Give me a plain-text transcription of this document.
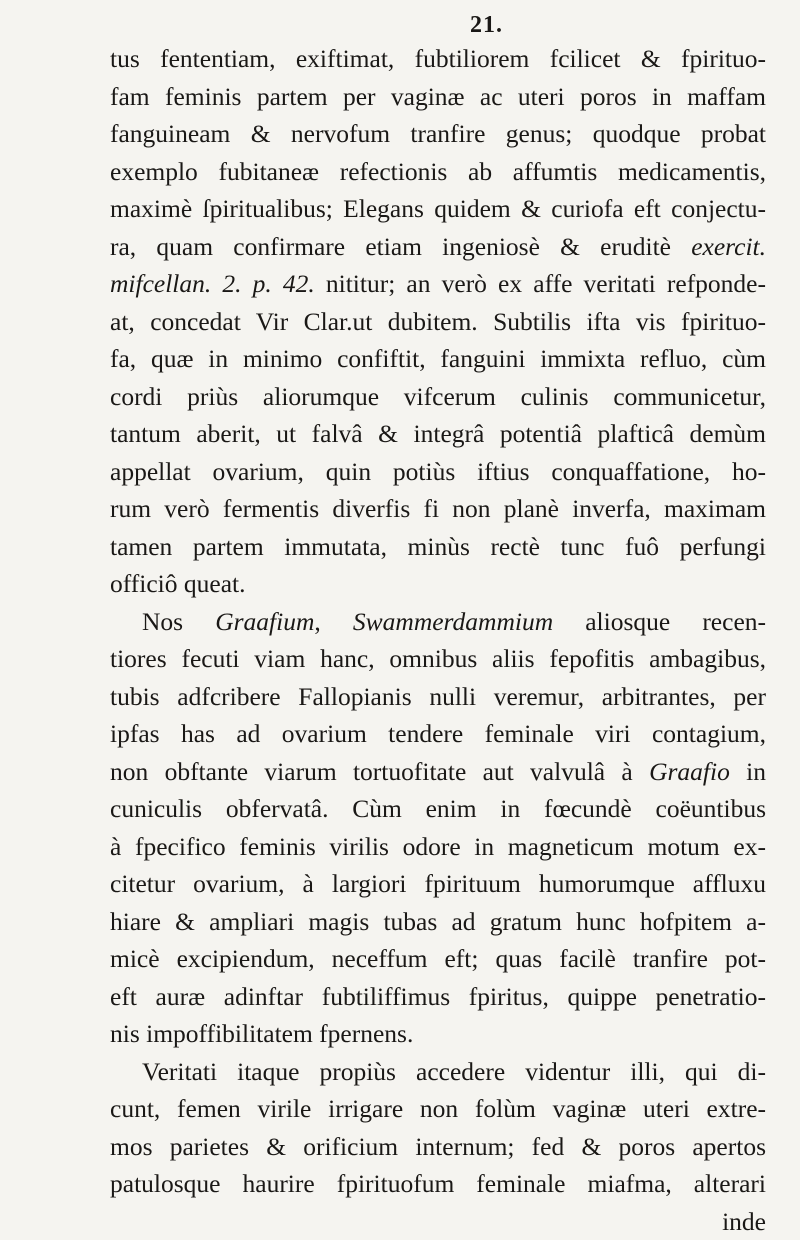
21.
tus fententiam, exiftimat, fubtiliorem fcilicet & fpirituo-
fam feminis partem per vaginæ ac uteri poros in maffam
fanguineam & nervofum tranfire genus; quodque probat
exemplo fubitaneæ refectionis ab affumtis medicamentis,
maximè ſpiritualibus; Elegans quidem & curiofa eft conjectu-
ra, quam confirmare etiam ingeniosè & eruditè exercit.
mifcellan. 2. p. 42. nititur; an verò ex affe veritati refponde-
at, concedat Vir Clar.ut dubitem. Subtilis ifta vis fpirituo-
fa, quæ in minimo confiftit, fanguini immixta refluo, cùm
cordi priùs aliorumque vifcerum culinis communicetur,
tantum aberit, ut falvâ & integrâ potentiâ plafticâ demùm
appellat ovarium, quin potiùs iftius conquaffatione, ho-
rum verò fermentis diverfis fi non planè inverfa, maximam
tamen partem immutata, minùs rectè tunc fuô perfungi
officiô queat.
Nos Graafium, Swammerdammium aliosque recen-
tiores fecuti viam hanc, omnibus aliis fepofitis ambagibus,
tubis adfcribere Fallopianis nulli veremur, arbitrantes, per
ipfas has ad ovarium tendere feminale viri contagium,
non obftante viarum tortuofitate aut valvulâ à Graafio in
cuniculis obfervatâ. Cùm enim in fœcundè coëuntibus
à fpecifico feminis virilis odore in magneticum motum ex-
citetur ovarium, à largiori fpirituum humorumque affluxu
hiare & ampliari magis tubas ad gratum hunc hofpitem a-
micè excipiendum, neceffum eft; quas facilè tranfire pot-
eft auræ adinftar fubtiliffimus fpiritus, quippe penetratio-
nis impoffibilitatem fpernens.
Veritati itaque propiùs accedere videntur illi, qui di-
cunt, femen virile irrigare non folùm vaginæ uteri extre-
mos parietes & orificium internum; fed & poros apertos
patulosque haurire fpirituofum feminale miafma, alterari
inde
